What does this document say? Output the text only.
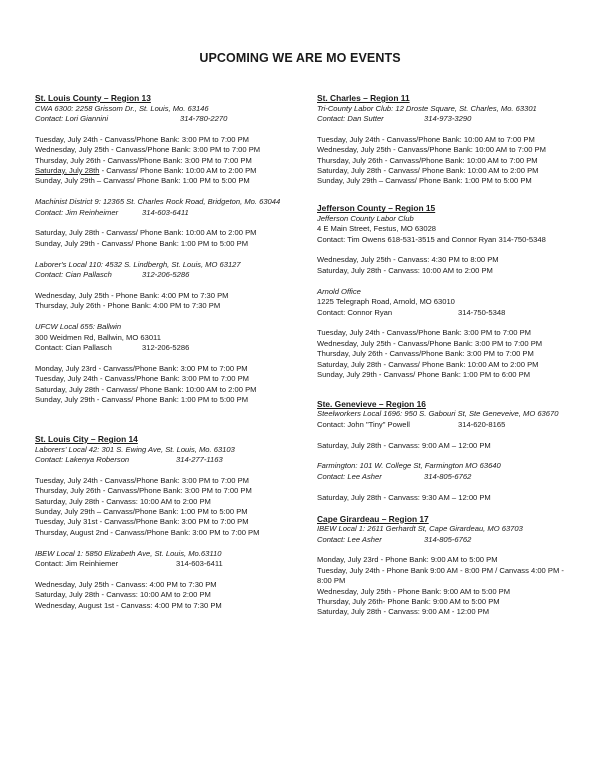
UPCOMING WE ARE MO EVENTS
St. Louis County – Region 13
CWA 6300: 2258 Grissom Dr., St. Louis, Mo. 63146
Contact: Lori Giannini	314-780-2270

Tuesday, July 24th - Canvass/Phone Bank: 3:00 PM to 7:00 PM
Wednesday, July 25th - Canvass/Phone Bank: 3:00 PM to 7:00 PM
Thursday, July 26th - Canvass/Phone Bank: 3:00 PM to 7:00 PM
Saturday, July 28th - Canvass/ Phone Bank: 10:00 AM to 2:00 PM
Sunday, July 29th – Canvass/ Phone Bank: 1:00 PM to 5:00 PM
Machinist District 9: 12365 St. Charles Rock Road, Bridgeton, Mo. 63044
Contact: Jim Reinheimer	314-603-6411

Saturday, July 28th - Canvass/ Phone Bank: 10:00 AM to 2:00 PM
Sunday, July 29th - Canvass/ Phone Bank: 1:00 PM to 5:00 PM
Laborer's Local 110: 4532 S. Lindbergh, St. Louis, MO 63127
Contact: Cian Pallasch	312-206-5286

Wednesday, July 25th - Phone Bank: 4:00 PM to 7:30 PM
Thursday, July 26th - Phone Bank: 4:00 PM to 7:30 PM
UFCW Local 655: Ballwin
300 Weidmen Rd, Ballwin, MO 63011
Contact: Cian Pallasch	312-206-5286

Monday, July 23rd - Canvass/Phone Bank: 3:00 PM to 7:00 PM
Tuesday, July 24th - Canvass/Phone Bank: 3:00 PM to 7:00 PM
Saturday, July 28th - Canvass/ Phone Bank: 10:00 AM to 2:00 PM
Sunday, July 29th - Canvass/ Phone Bank: 1:00 PM to 5:00 PM
St. Louis City – Region 14
Laborers' Local 42: 301 S. Ewing Ave, St. Louis, Mo. 63103
Contact: Lakenya Roberson	314-277-1163

Tuesday, July 24th - Canvass/Phone Bank: 3:00 PM to 7:00 PM
Thursday, July 26th - Canvass/Phone Bank: 3:00 PM to 7:00 PM
Saturday, July 28th - Canvass: 10:00 AM to 2:00 PM
Sunday, July 29th – Canvass/Phone Bank: 1:00 PM to 5:00 PM
Tuesday, July 31st - Canvass/Phone Bank: 3:00 PM to 7:00 PM
Thursday, August 2nd - Canvass/Phone Bank: 3:00 PM to 7:00 PM
IBEW Local 1: 5850 Elizabeth Ave, St. Louis, Mo.63110
Contact: Jim Reinhiemer	314-603-6411

Wednesday, July 25th - Canvass: 4:00 PM to 7:30 PM
Saturday, July 28th - Canvass: 10:00 AM to 2:00 PM
Wednesday, August 1st - Canvass: 4:00 PM to 7:30 PM
St. Charles – Region 11
Tri-County Labor Club: 12 Droste Square, St. Charles, Mo. 63301
Contact: Dan Sutter	314-973-3290

Tuesday, July 24th - Canvass/Phone Bank: 10:00 AM to 7:00 PM
Wednesday, July 25th - Canvass/Phone Bank: 10:00 AM to 7:00 PM
Thursday, July 26th - Canvass/Phone Bank: 10:00 AM to 7:00 PM
Saturday, July 28th - Canvass/ Phone Bank: 10:00 AM to 2:00 PM
Sunday, July 29th – Canvass/ Phone Bank: 1:00 PM to 5:00 PM
Jefferson County – Region 15
Jefferson County Labor Club
4 E Main Street, Festus, MO 63028
Contact: Tim Owens 618-531-3515 and Connor Ryan 314-750-5348

Wednesday, July 25th - Canvass: 4:30 PM to 8:00 PM
Saturday, July 28th - Canvass: 10:00 AM to 2:00 PM
Arnold Office
1225 Telegraph Road, Arnold, MO 63010
Contact: Connor Ryan	314-750-5348

Tuesday, July 24th - Canvass/Phone Bank: 3:00 PM to 7:00 PM
Wednesday, July 25th - Canvass/Phone Bank: 3:00 PM to 7:00 PM
Thursday, July 26th - Canvass/Phone Bank: 3:00 PM to 7:00 PM
Saturday, July 28th - Canvass/ Phone Bank: 10:00 AM to 2:00 PM
Sunday, July 29th - Canvass/ Phone Bank: 1:00 PM to 6:00 PM
Ste. Genevieve – Region 16
Steelworkers Local 1696: 950 S. Gabouri St, Ste Geneveive, MO 63670
Contact: John "Tiny" Powell	314-620-8165

Saturday, July 28th - Canvass: 9:00 AM – 12:00 PM
Farmington: 101 W. College St, Farmington MO 63640
Contact: Lee Asher	314-805-6762

Saturday, July 28th - Canvass: 9:30 AM – 12:00 PM
Cape Girardeau – Region 17
IBEW Local 1: 2611 Gerhardt St, Cape Girardeau, MO 63703
Contact: Lee Asher	314-805-6762

Monday, July 23rd - Phone Bank: 9:00 AM to 5:00 PM
Tuesday, July 24th - Phone Bank 9:00 AM - 8:00 PM / Canvass 4:00 PM -
8:00 PM
Wednesday, July 25th - Phone Bank: 9:00 AM to 5:00 PM
Thursday, July 26th- Phone Bank: 9:00 AM to 5:00 PM
Saturday, July 28th - Canvass: 9:00 AM - 12:00 PM
